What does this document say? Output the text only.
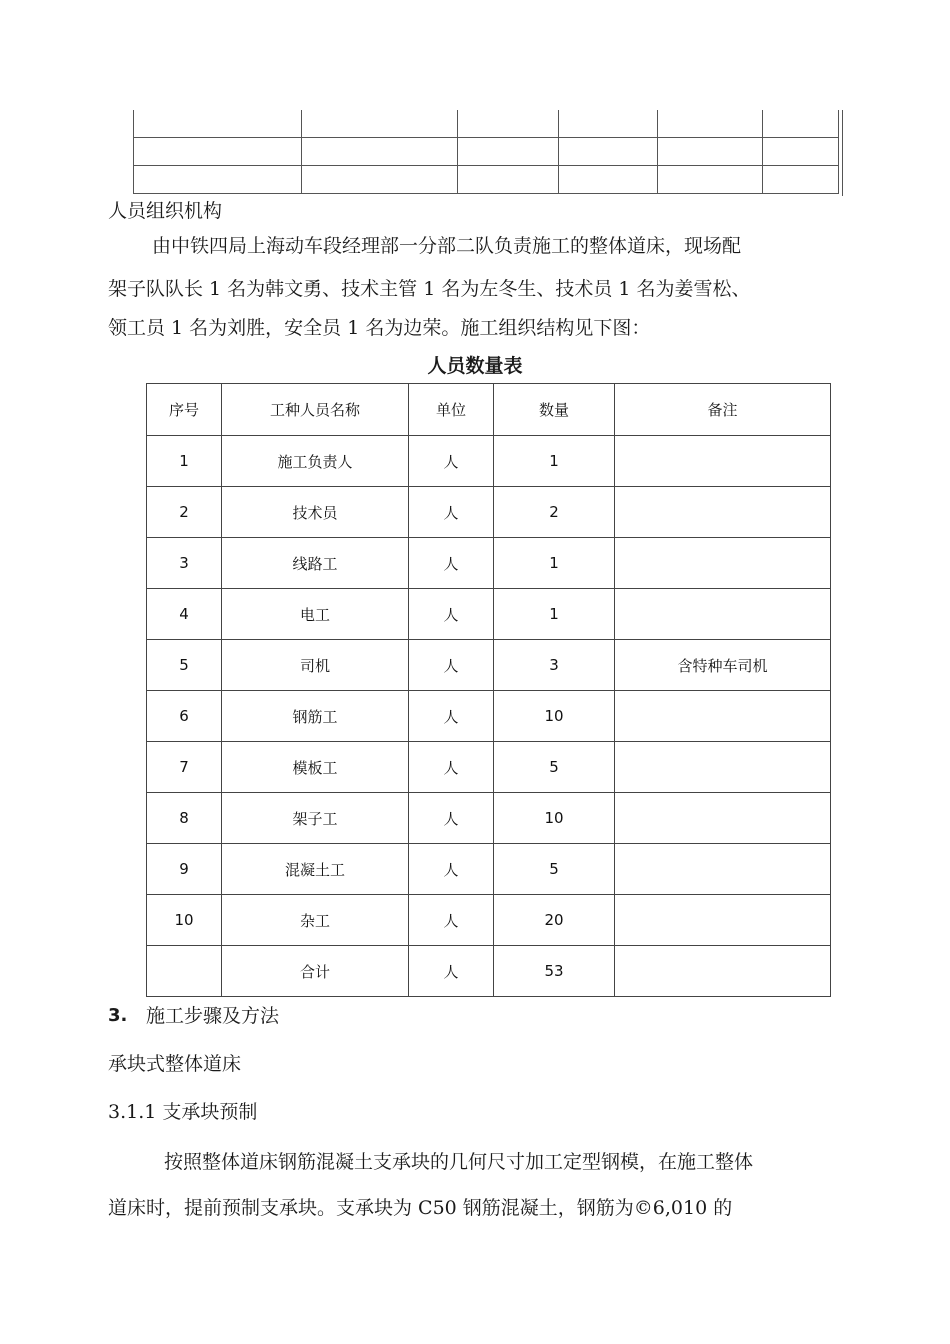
人员组织机构
由中铁四局上海动车段经理部一分部二队负责施工的整体道床，现场配
架子队队长 1 名为韩文勇、技术主管 1 名为左冬生、技术员 1 名为姜雪松、
领工员 1 名为刘胜，安全员 1 名为边荣。施工组织结构见下图：
人员数量表
序号	工种人员名称	单位	数量	备注
1	施工负责人	人	1	
2	技术员	人	2	
3	线路工	人	1	
4	电工	人	1	
5	司机	人	3	含特种车司机
6	钢筋工	人	10	
7	模板工	人	5	
8	架子工	人	10	
9	混凝土工	人	5	
10	杂工	人	20	
	合计	人	53	
3. 施工步骤及方法
承块式整体道床
3.1.1 支承块预制
按照整体道床钢筋混凝土支承块的几何尺寸加工定型钢模，在施工整体
道床时，提前预制支承块。支承块为 C50 钢筋混凝土，钢筋为©6,010 的
